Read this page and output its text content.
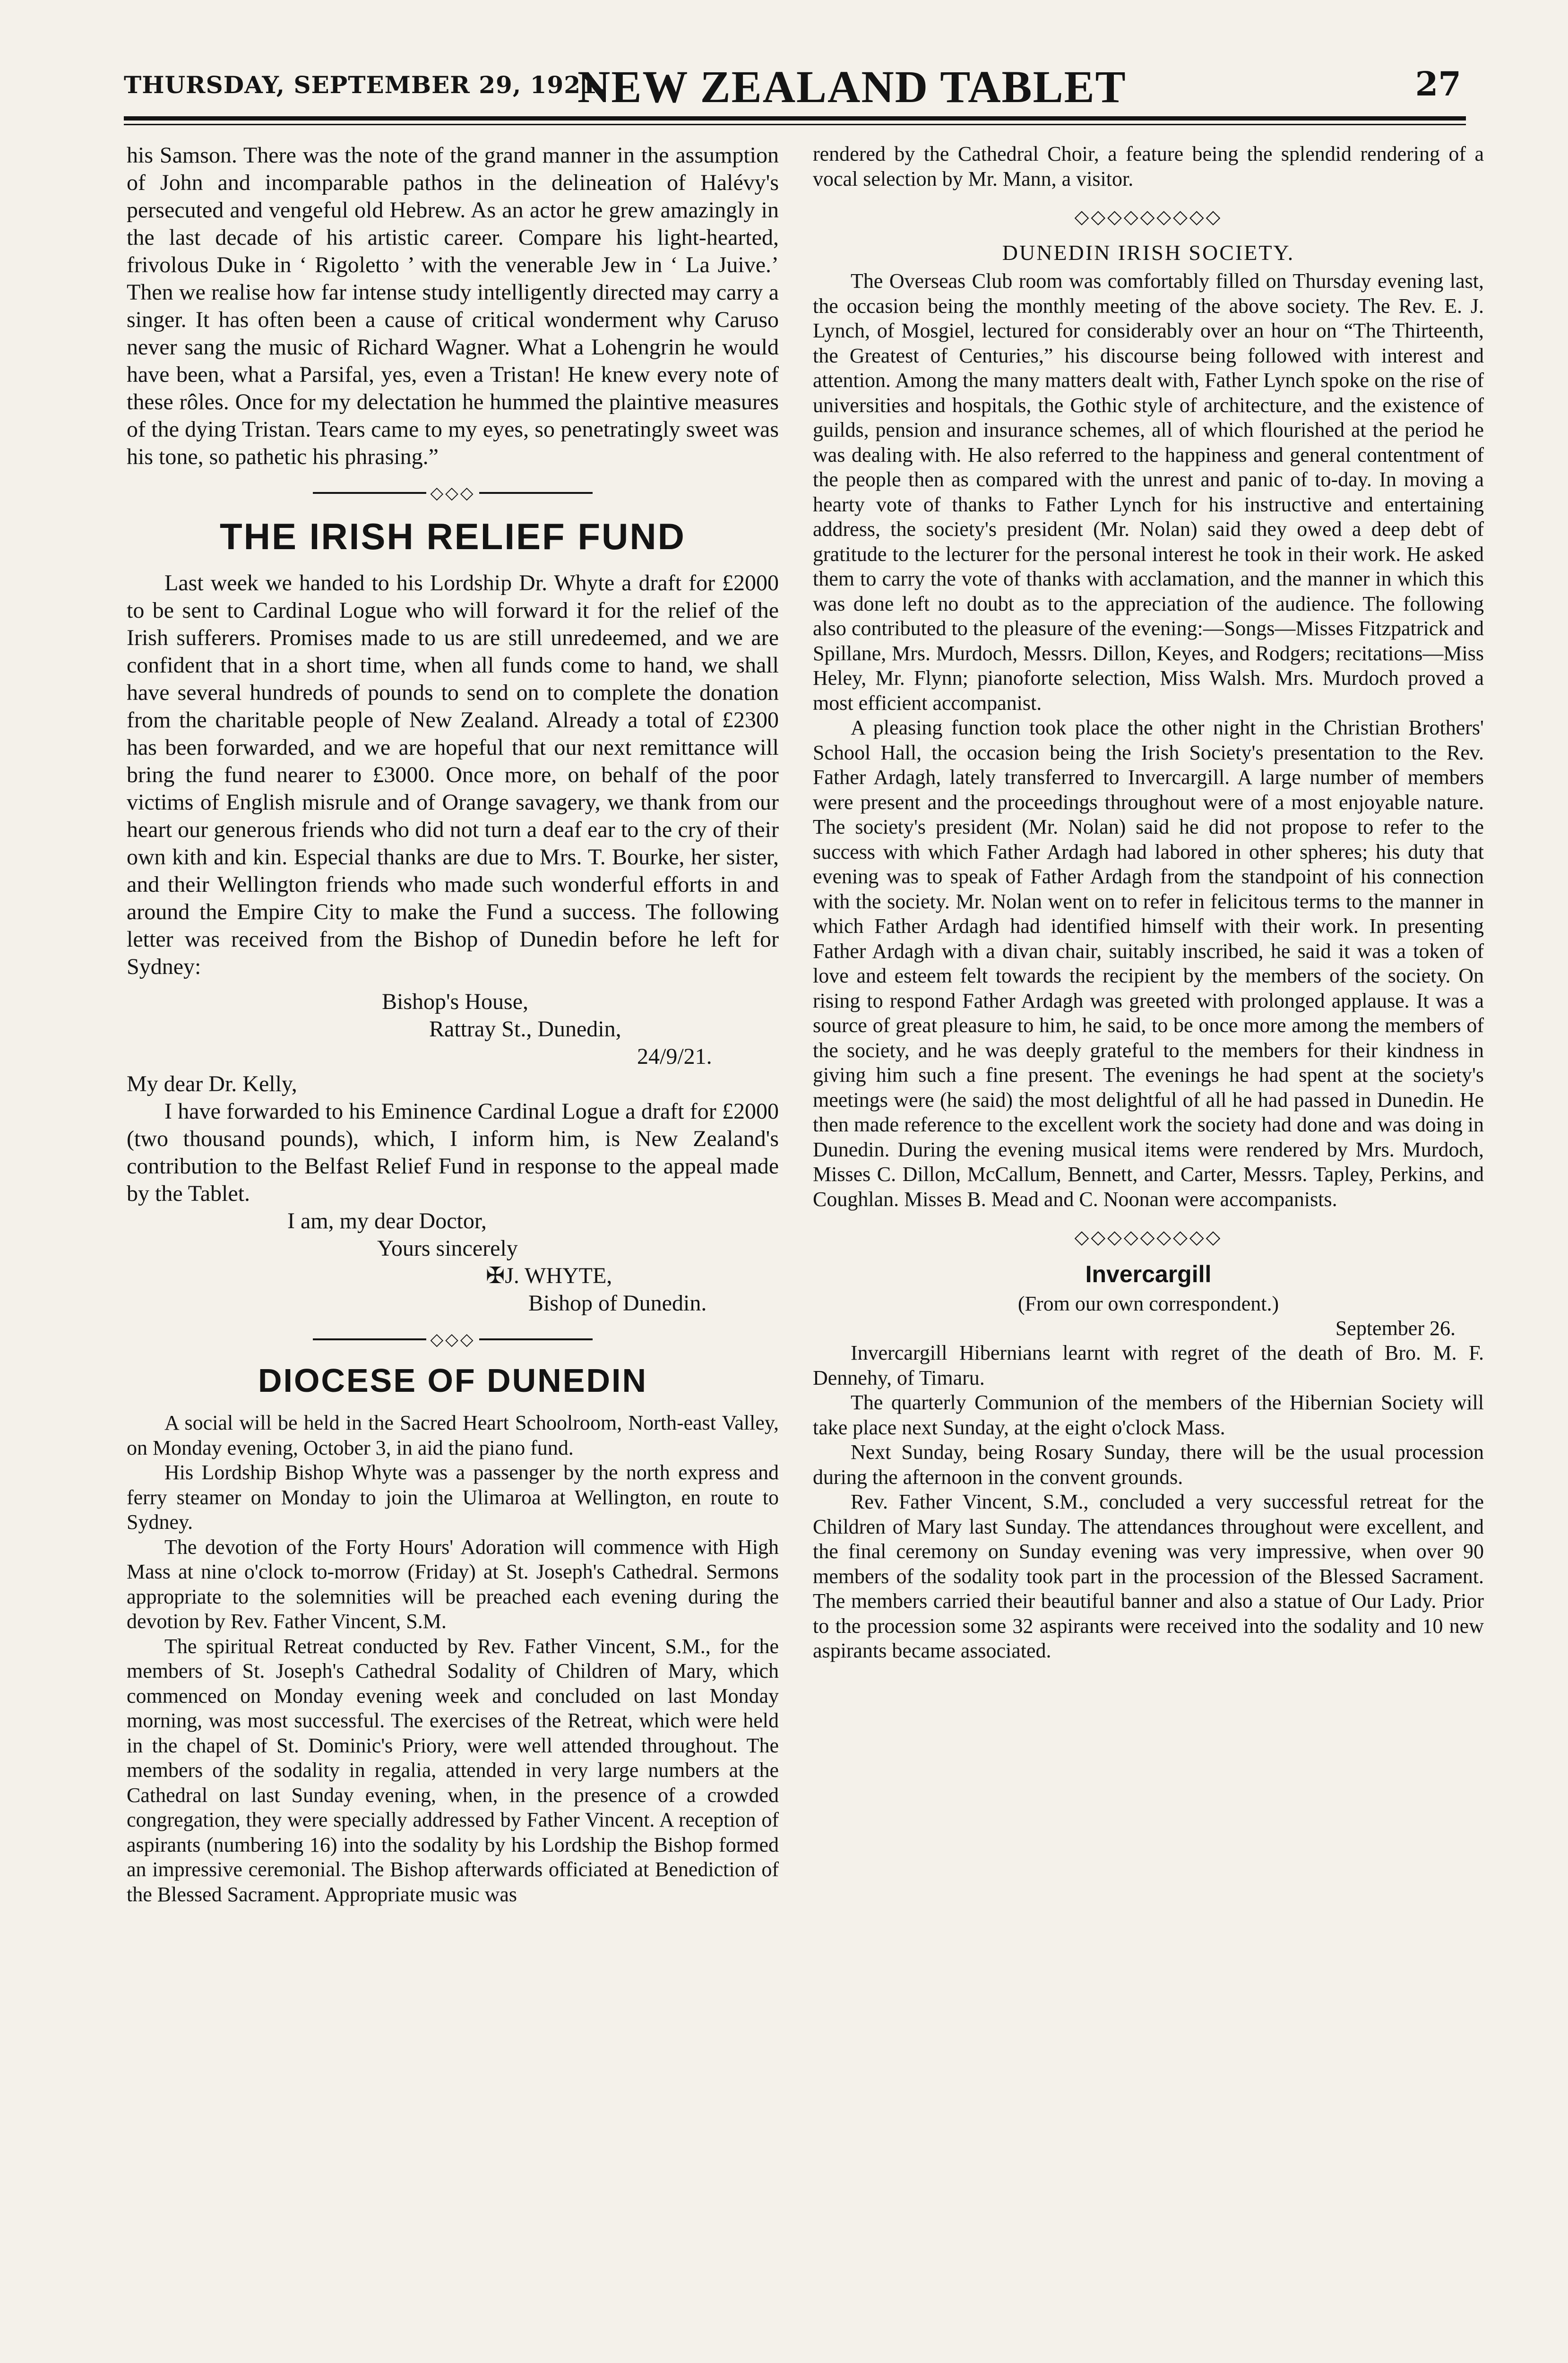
THURSDAY, SEPTEMBER 29, 1921.
NEW ZEALAND TABLET	27

his Samson. There was the note of the grand manner in the assumption of John and incomparable pathos in the delineation of Halévy's persecuted and vengeful old Hebrew. As an actor he grew amazingly in the last decade of his artistic career. Compare his light-hearted, frivolous Duke in ‘ Rigoletto ’ with the venerable Jew in ‘ La Juive.’ Then we realise how far intense study intelligently directed may carry a singer. It has often been a cause of critical wonderment why Caruso never sang the music of Richard Wagner. What a Lohengrin he would have been, what a Parsifal, yes, even a Tristan! He knew every note of these rôles. Once for my delectation he hummed the plaintive measures of the dying Tristan. Tears came to my eyes, so penetratingly sweet was his tone, so pathetic his phrasing.”

◇◇◇
THE IRISH RELIEF FUND

Last week we handed to his Lordship Dr. Whyte a draft for £2000 to be sent to Cardinal Logue who will forward it for the relief of the Irish sufferers. Promises made to us are still unredeemed, and we are confident that in a short time, when all funds come to hand, we shall have several hundreds of pounds to send on to complete the donation from the charitable people of New Zealand. Already a total of £2300 has been forwarded, and we are hopeful that our next remittance will bring the fund nearer to £3000. Once more, on behalf of the poor victims of English misrule and of Orange savagery, we thank from our heart our generous friends who did not turn a deaf ear to the cry of their own kith and kin. Especial thanks are due to Mrs. T. Bourke, her sister, and their Wellington friends who made such wonderful efforts in and around the Empire City to make the Fund a success. The following letter was received from the Bishop of Dunedin before he left for Sydney:

Bishop's House,
Rattray St., Dunedin,
24/9/21.
My dear Dr. Kelly,

I have forwarded to his Eminence Cardinal Logue a draft for £2000 (two thousand pounds), which, I inform him, is New Zealand's contribution to the Belfast Relief Fund in response to the appeal made by the Tablet.

I am, my dear Doctor,
Yours sincerely
✠J. WHYTE,
Bishop of Dunedin.
◇◇◇
DIOCESE OF DUNEDIN

A social will be held in the Sacred Heart Schoolroom, North-east Valley, on Monday evening, October 3, in aid the piano fund.

His Lordship Bishop Whyte was a passenger by the north express and ferry steamer on Monday to join the Ulimaroa at Wellington, en route to Sydney.

The devotion of the Forty Hours' Adoration will commence with High Mass at nine o'clock to-morrow (Friday) at St. Joseph's Cathedral. Sermons appropriate to the solemnities will be preached each evening during the devotion by Rev. Father Vincent, S.M.

The spiritual Retreat conducted by Rev. Father Vincent, S.M., for the members of St. Joseph's Cathedral Sodality of Children of Mary, which commenced on Monday evening week and concluded on last Monday morning, was most successful. The exercises of the Retreat, which were held in the chapel of St. Dominic's Priory, were well attended throughout. The members of the sodality in regalia, attended in very large numbers at the Cathedral on last Sunday evening, when, in the presence of a crowded congregation, they were specially addressed by Father Vincent. A reception of aspirants (numbering 16) into the sodality by his Lordship the Bishop formed an impressive ceremonial. The Bishop afterwards officiated at Benediction of the Blessed Sacrament. Appropriate music was

rendered by the Cathedral Choir, a feature being the splendid rendering of a vocal selection by Mr. Mann, a visitor.

◇◇◇◇◇◇◇◇◇
DUNEDIN IRISH SOCIETY.

The Overseas Club room was comfortably filled on Thursday evening last, the occasion being the monthly meeting of the above society. The Rev. E. J. Lynch, of Mosgiel, lectured for considerably over an hour on “The Thirteenth, the Greatest of Centuries,” his discourse being followed with interest and attention. Among the many matters dealt with, Father Lynch spoke on the rise of universities and hospitals, the Gothic style of architecture, and the existence of guilds, pension and insurance schemes, all of which flourished at the period he was dealing with. He also referred to the happiness and general contentment of the people then as compared with the unrest and panic of to-day. In moving a hearty vote of thanks to Father Lynch for his instructive and entertaining address, the society's president (Mr. Nolan) said they owed a deep debt of gratitude to the lecturer for the personal interest he took in their work. He asked them to carry the vote of thanks with acclamation, and the manner in which this was done left no doubt as to the appreciation of the audience. The following also contributed to the pleasure of the evening:—Songs—Misses Fitzpatrick and Spillane, Mrs. Murdoch, Messrs. Dillon, Keyes, and Rodgers; recitations—Miss Heley, Mr. Flynn; pianoforte selection, Miss Walsh. Mrs. Murdoch proved a most efficient accompanist.

A pleasing function took place the other night in the Christian Brothers' School Hall, the occasion being the Irish Society's presentation to the Rev. Father Ardagh, lately transferred to Invercargill. A large number of members were present and the proceedings throughout were of a most enjoyable nature. The society's president (Mr. Nolan) said he did not propose to refer to the success with which Father Ardagh had labored in other spheres; his duty that evening was to speak of Father Ardagh from the standpoint of his connection with the society. Mr. Nolan went on to refer in felicitous terms to the manner in which Father Ardagh had identified himself with their work. In presenting Father Ardagh with a divan chair, suitably inscribed, he said it was a token of love and esteem felt towards the recipient by the members of the society. On rising to respond Father Ardagh was greeted with prolonged applause. It was a source of great pleasure to him, he said, to be once more among the members of the society, and he was deeply grateful to the members for their kindness in giving him such a fine present. The evenings he had spent at the society's meetings were (he said) the most delightful of all he had passed in Dunedin. He then made reference to the excellent work the society had done and was doing in Dunedin. During the evening musical items were rendered by Mrs. Murdoch, Misses C. Dillon, McCallum, Bennett, and Carter, Messrs. Tapley, Perkins, and Coughlan. Misses B. Mead and C. Noonan were accompanists.

◇◇◇◇◇◇◇◇◇
Invercargill
(From our own correspondent.)
September 26.

Invercargill Hibernians learnt with regret of the death of Bro. M. F. Dennehy, of Timaru.

The quarterly Communion of the members of the Hibernian Society will take place next Sunday, at the eight o'clock Mass.

Next Sunday, being Rosary Sunday, there will be the usual procession during the afternoon in the convent grounds.

Rev. Father Vincent, S.M., concluded a very successful retreat for the Children of Mary last Sunday. The attendances throughout were excellent, and the final ceremony on Sunday evening was very impressive, when over 90 members of the sodality took part in the procession of the Blessed Sacrament. The members carried their beautiful banner and also a statue of Our Lady. Prior to the procession some 32 aspirants were received into the sodality and 10 new aspirants became associated.
